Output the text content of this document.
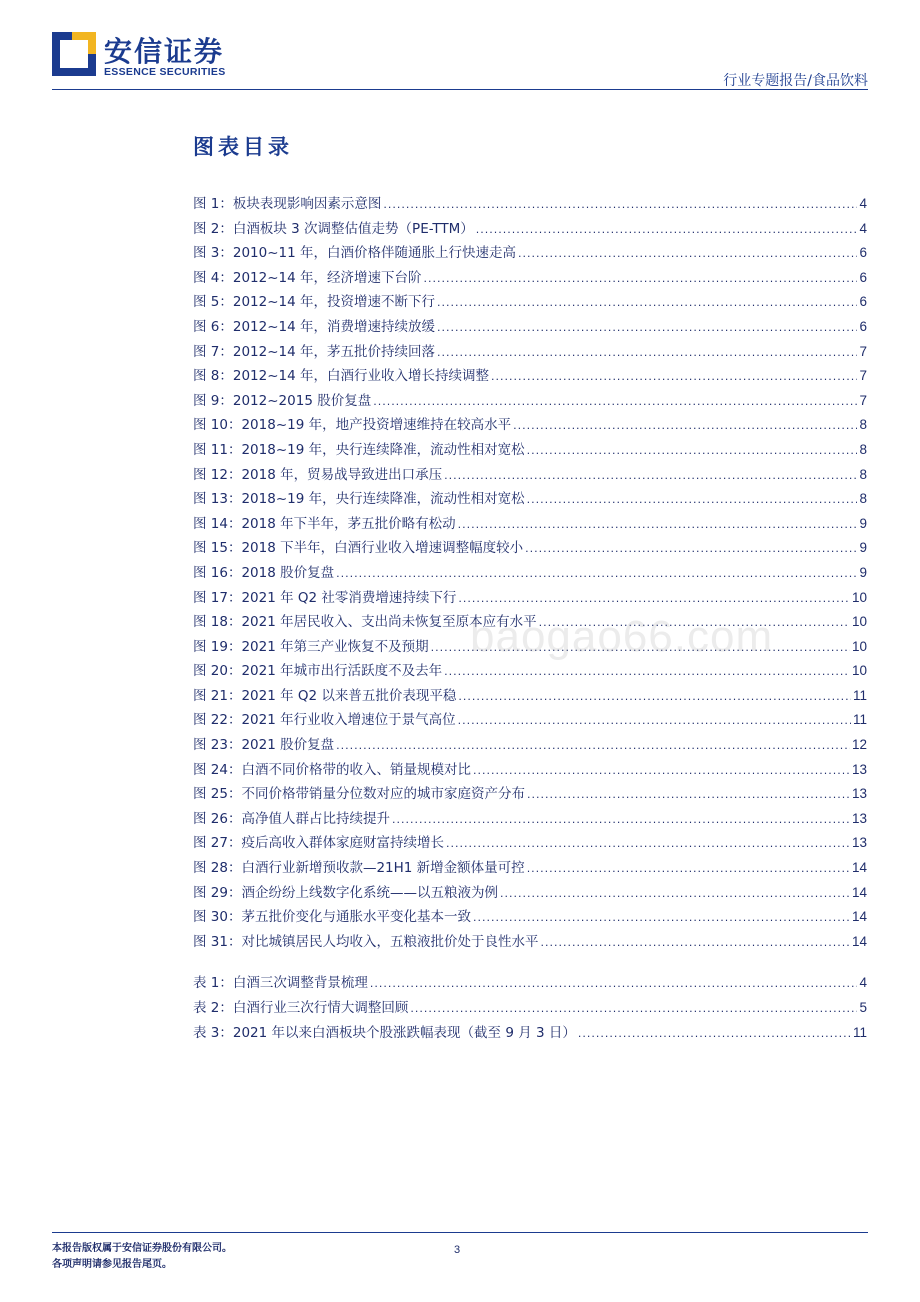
安信证券
ESSENCE SECURITIES
行业专题报告/食品饮料
图表目录
图 1：板块表现影响因素示意图 .....	4
图 2：白酒板块 3 次调整估值走势（PE-TTM） .....	4
图 3：2010~11 年，白酒价格伴随通胀上行快速走高 .....	6
图 4：2012~14 年，经济增速下台阶 .....	6
图 5：2012~14 年，投资增速不断下行 .....	6
图 6：2012~14 年，消费增速持续放缓 .....	6
图 7：2012~14 年，茅五批价持续回落 .....	7
图 8：2012~14 年，白酒行业收入增长持续调整 .....	7
图 9：2012~2015 股价复盘 .....	7
图 10：2018~19 年，地产投资增速维持在较高水平 .....	8
图 11：2018~19 年，央行连续降准，流动性相对宽松 .....	8
图 12：2018 年，贸易战导致进出口承压 .....	8
图 13：2018~19 年，央行连续降准，流动性相对宽松 .....	8
图 14：2018 年下半年，茅五批价略有松动 .....	9
图 15：2018 下半年，白酒行业收入增速调整幅度较小 .....	9
图 16：2018 股价复盘 .....	9
图 17：2021 年 Q2 社零消费增速持续下行 .....	10
图 18：2021 年居民收入、支出尚未恢复至原本应有水平 .....	10
图 19：2021 年第三产业恢复不及预期 .....	10
图 20：2021 年城市出行活跃度不及去年 .....	10
图 21：2021 年 Q2 以来普五批价表现平稳 .....	11
图 22：2021 年行业收入增速位于景气高位 .....	11
图 23：2021 股价复盘 .....	12
图 24：白酒不同价格带的收入、销量规模对比 .....	13
图 25：不同价格带销量分位数对应的城市家庭资产分布 .....	13
图 26：高净值人群占比持续提升 .....	13
图 27：疫后高收入群体家庭财富持续增长 .....	13
图 28：白酒行业新增预收款—21H1 新增金额体量可控 .....	14
图 29：酒企纷纷上线数字化系统——以五粮液为例 .....	14
图 30：茅五批价变化与通胀水平变化基本一致 .....	14
图 31：对比城镇居民人均收入，五粮液批价处于良性水平 .....	14
表 1：白酒三次调整背景梳理 .....	4
表 2：白酒行业三次行情大调整回顾 .....	5
表 3：2021 年以来白酒板块个股涨跌幅表现（截至 9 月 3 日） .....	11
baogao66.com
本报告版权属于安信证券股份有限公司。
各项声明请参见报告尾页。
3
